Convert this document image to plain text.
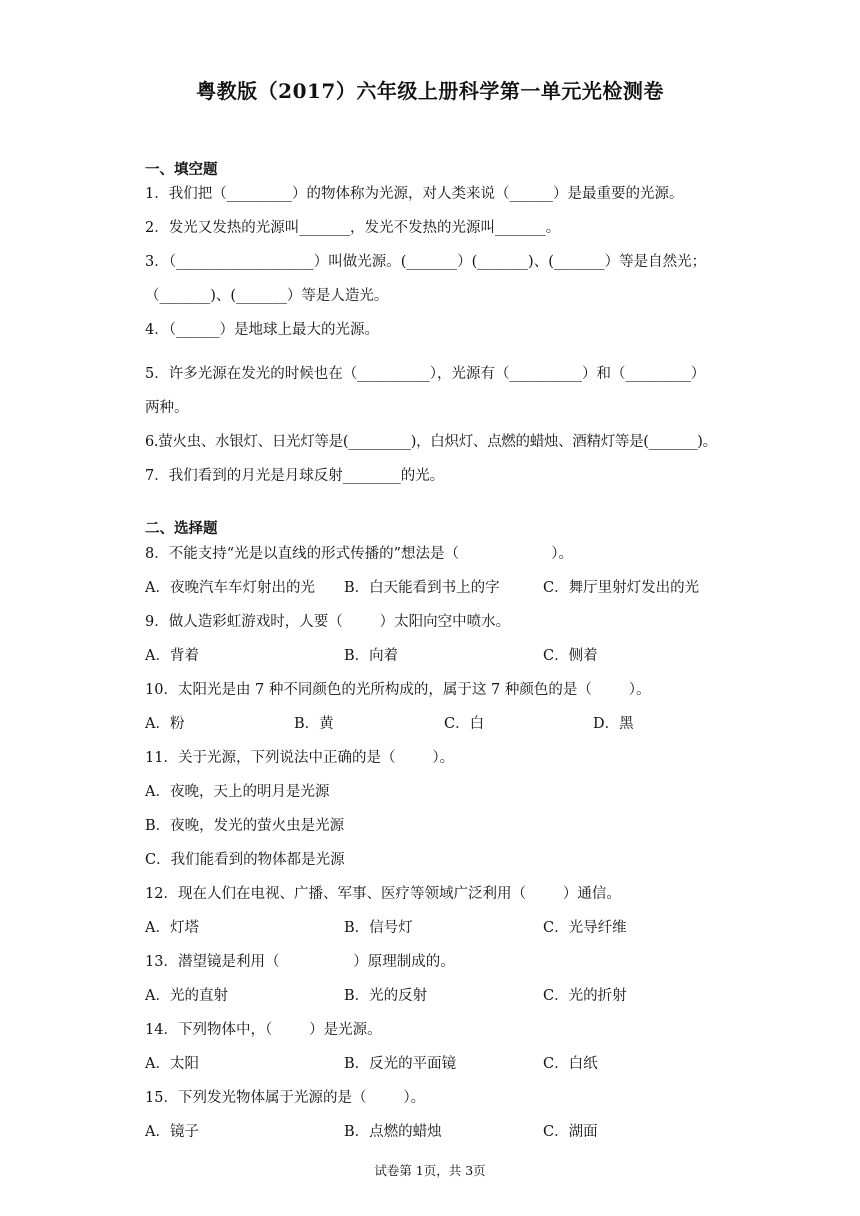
粤教版（2017）六年级上册科学第一单元光检测卷
一、填空题
1．我们把（_________）的物体称为光源，对人类来说（______）是最重要的光源。
2．发光又发热的光源叫_______，发光不发热的光源叫_______。
3．（___________________）叫做光源。(_______）(_______)、(_______）等是自然光；
（_______)、(_______）等是人造光。
4．（______）是地球上最大的光源。
5．许多光源在发光的时候也在（__________），光源有（__________）和（_________）
两种。
6.萤火虫、水银灯、日光灯等是(_________)，白炽灯、点燃的蜡烛、酒精灯等是(_______)。
7．我们看到的月光是月球反射________的光。
二、选择题
8．不能支持“光是以直线的形式传播的”想法是（                    ）。
A．夜晚汽车车灯射出的光 B．白天能看到书上的字	C．舞厅里射灯发出的光
9．做人造彩虹游戏时，人要（        ）太阳向空中喷水。
A．背着	B．向着	C．侧着
10．太阳光是由 7 种不同颜色的光所构成的，属于这 7 种颜色的是（        ）。
A．粉	B．黄	C．白	D．黑
11．关于光源，下列说法中正确的是（        ）。
A．夜晚，天上的明月是光源
B．夜晚，发光的萤火虫是光源
C．我们能看到的物体都是光源
12．现在人们在电视、广播、军事、医疗等领域广泛利用（        ）通信。
A．灯塔	B．信号灯	C．光导纤维
13．潜望镜是利用（                ）原理制成的。
A．光的直射	B．光的反射	C．光的折射
14．下列物体中，（        ）是光源。
A．太阳	B．反光的平面镜	C．白纸
15．下列发光物体属于光源的是（        ）。
A．镜子	B．点燃的蜡烛	C．湖面
试卷第 1页，共 3页
